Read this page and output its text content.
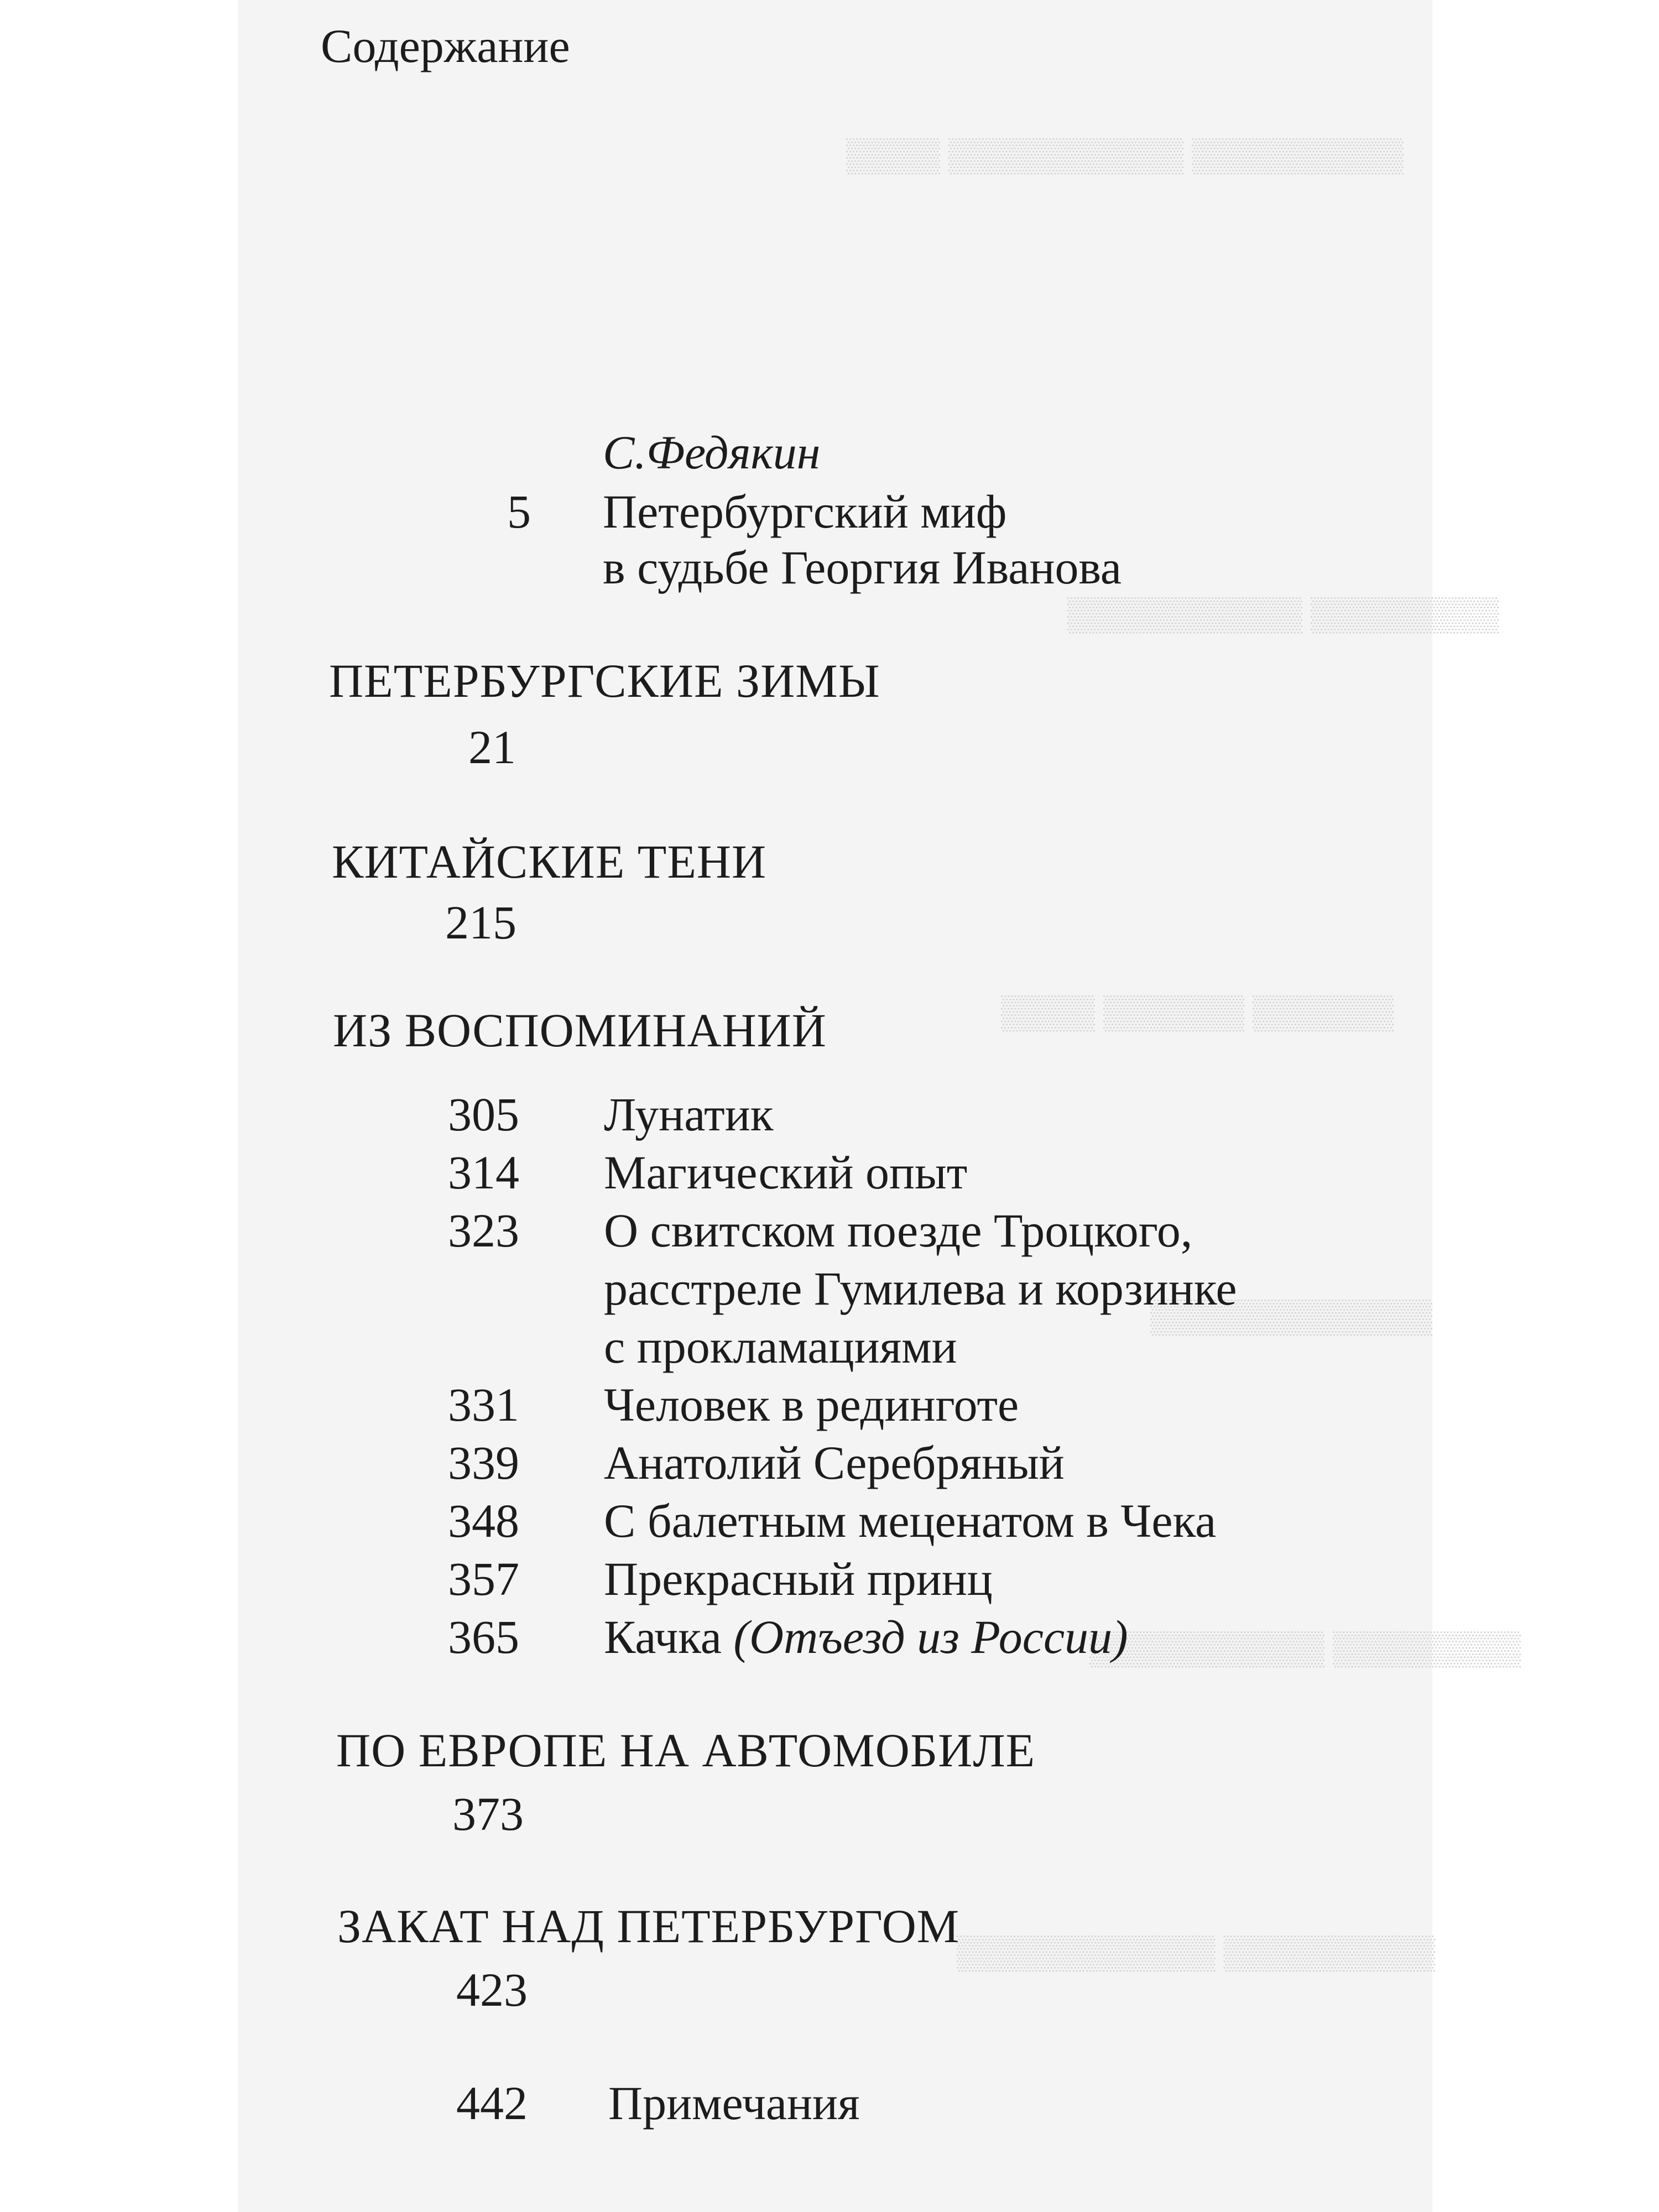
▒▒▒▒▒▒▒▒▒ ▒▒▒▒▒▒▒▒▒▒ ▒▒▒▒
▒▒▒▒▒▒▒▒ ▒▒▒▒▒▒▒▒▒▒
▒▒▒▒▒▒ ▒▒▒▒▒▒ ▒▒▒▒
▒▒▒▒▒▒▒▒▒▒▒▒
▒▒▒▒▒▒▒▒ ▒▒▒▒▒▒▒▒▒▒
▒▒▒▒▒▒▒▒▒ ▒▒▒▒▒▒▒▒▒▒▒
Содержание
С.Федякин
5 Петербургский миф
в судьбе Георгия Иванова
ПЕТЕРБУРГСКИЕ ЗИМЫ
21
КИТАЙСКИЕ ТЕНИ
215
ИЗ ВОСПОМИНАНИЙ
305 Лунатик
314 Магический опыт
323 О свитском поезде Троцкого,
расстреле Гумилева и корзинке
с прокламациями
331 Человек в рединготе
339 Анатолий Серебряный
348 С балетным меценатом в Чека
357 Прекрасный принц
365 Качка (Отъезд из России)
ПО ЕВРОПЕ НА АВТОМОБИЛЕ
373
ЗАКАТ НАД ПЕТЕРБУРГОМ
423
442 Примечания
